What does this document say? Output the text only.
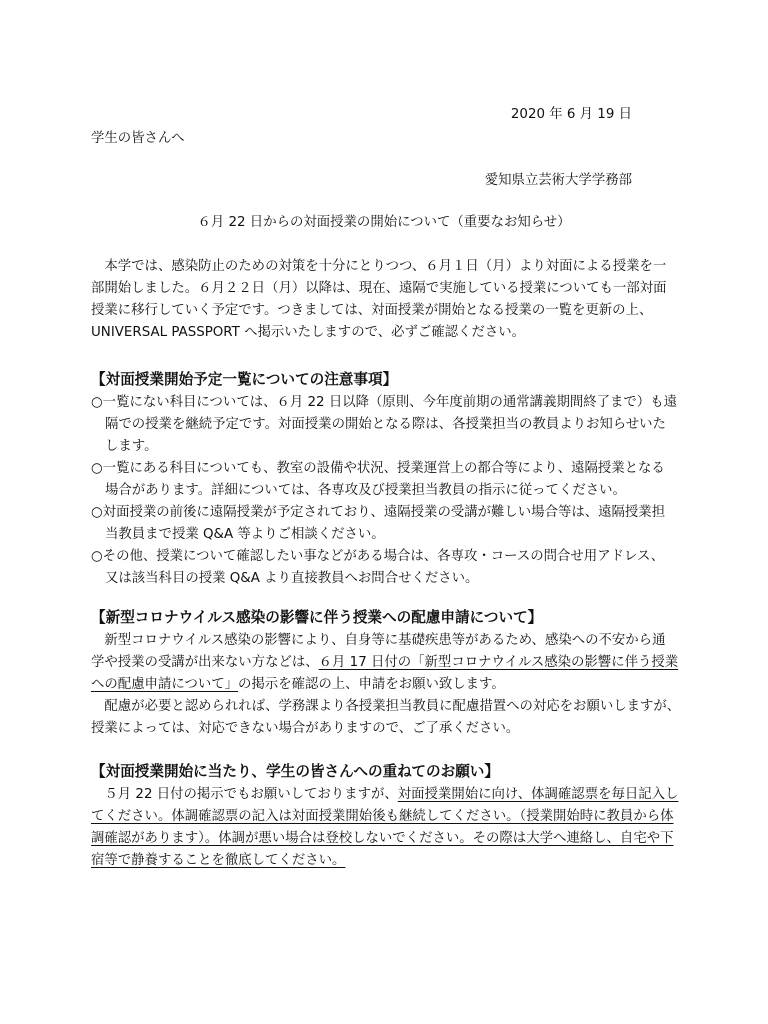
2020 年 6 月 19 日
学生の皆さんへ
愛知県立芸術大学学務部
６月 22 日からの対面授業の開始について（重要なお知らせ）
　本学では、感染防止のための対策を十分にとりつつ、６月１日（月）より対面による授業を一
部開始しました。６月２２日（月）以降は、現在、遠隔で実施している授業についても一部対面
授業に移行していく予定です。つきましては、対面授業が開始となる授業の一覧を更新の上、
UNIVERSAL PASSPORT へ掲示いたしますので、必ずご確認ください。
【対面授業開始予定一覧についての注意事項】
○一覧にない科目については、６月 22 日以降（原則、今年度前期の通常講義期間終了まで）も遠
隔での授業を継続予定です。対面授業の開始となる際は、各授業担当の教員よりお知らせいた
します。
○一覧にある科目についても、教室の設備や状況、授業運営上の都合等により、遠隔授業となる
場合があります。詳細については、各専攻及び授業担当教員の指示に従ってください。
○対面授業の前後に遠隔授業が予定されており、遠隔授業の受講が難しい場合等は、遠隔授業担
当教員まで授業 Q&A 等よりご相談ください。
○その他、授業について確認したい事などがある場合は、各専攻・コースの問合せ用アドレス、
又は該当科目の授業 Q&A より直接教員へお問合せください。
【新型コロナウイルス感染の影響に伴う授業への配慮申請について】
　新型コロナウイルス感染の影響により、自身等に基礎疾患等があるため、感染への不安から通
学や授業の受講が出来ない方などは、６月 17 日付の「新型コロナウイルス感染の影響に伴う授業
への配慮申請について」の掲示を確認の上、申請をお願い致します。
　配慮が必要と認められれば、学務課より各授業担当教員に配慮措置への対応をお願いしますが、
授業によっては、対応できない場合がありますので、ご了承ください。
【対面授業開始に当たり、学生の皆さんへの重ねてのお願い】
　５月 22 日付の掲示でもお願いしておりますが、対面授業開始に向け、体調確認票を毎日記入し
てください。体調確認票の記入は対面授業開始後も継続してください。（授業開始時に教員から体
調確認があります）。体調が悪い場合は登校しないでください。その際は大学へ連絡し、自宅や下
宿等で静養することを徹底してください。
